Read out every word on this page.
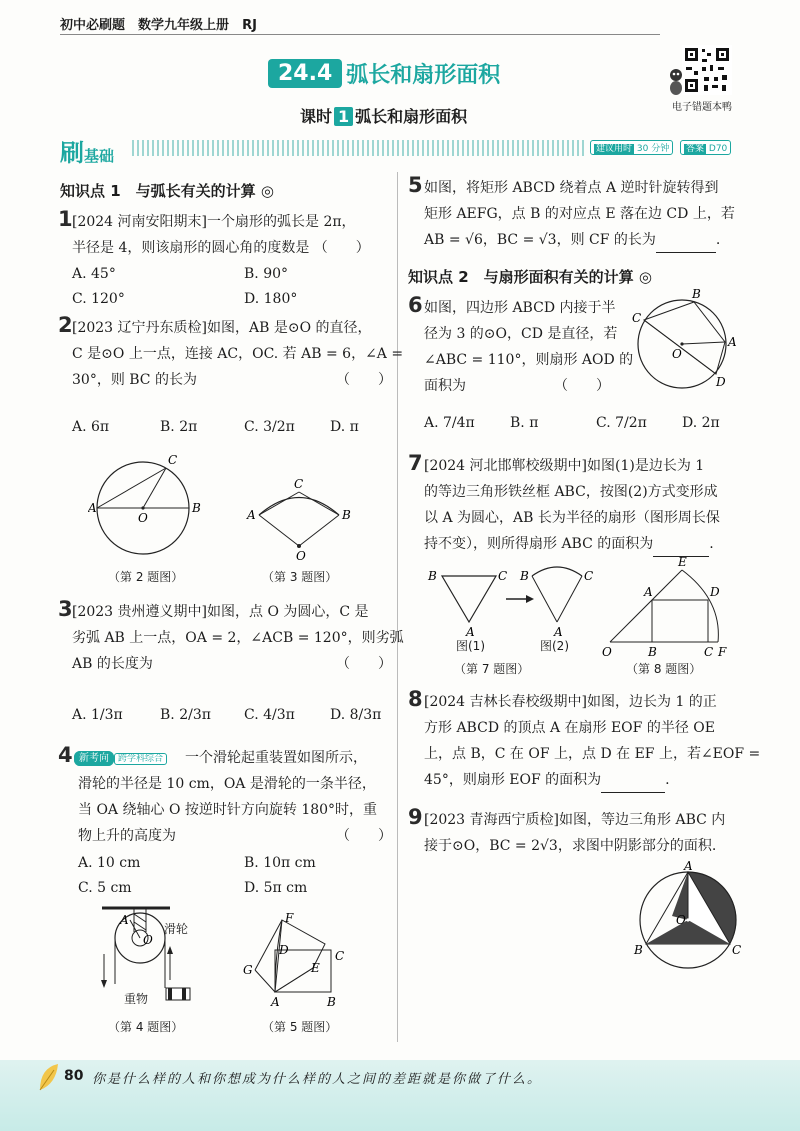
初中必刷题　 数学九年级上册　 RJ
电子错题本鸭
24.4 弧长和扇形面积
课时 1 弧长和扇形面积
刷基础	建议用时 30 分钟	答案 D70
知识点 1　与弧长有关的计算 ◎
1 [2024 河南安阳期末]一个扇形的弧长是 2π，
半径是 4，则该扇形的圆心角的度数是 （　　）
A. 45°	B. 90°
C. 120°	D. 180°
2 [2023 辽宁丹东质检]如图，AB 是⊙O 的直径，
C 是⊙O 上一点，连接 AC，OC. 若 AB = 6，∠A =
30°，则 BC 的长为	（　　）
A. 6π	B. 2π	C. 3/2π	D. π
A	B
C
O
（第 2 题图）
A	B
C
O
（第 3 题图）
3 [2023 贵州遵义期中]如图，点 O 为圆心，C 是
劣弧 AB 上一点，OA = 2，∠ACB = 120°，则劣弧
AB 的长度为	（　　）
A. 1/3π	B. 2/3π C. 4/3π	D. 8/3π
4 新考向 跨学科综合 一个滑轮起重装置如图所示，
滑轮的半径是 10 cm，OA 是滑轮的一条半径，
当 OA 绕轴心 O 按逆时针方向旋转 180°时，重
物上升的高度为	（　　）
A. 10 cm	B. 10π cm
C. 5 cm	D. 5π cm
A
O
滑轮
重物
（第 4 题图）
G
F
D
E
C
A	B
（第 5 题图）
5 如图，将矩形 ABCD 绕着点 A 逆时针旋转得到
矩形 AEFG，点 B 的对应点 E 落在边 CD 上，若
AB = √6，BC = √3，则 CF 的长为	.
知识点 2　与扇形面积有关的计算 ◎
6 如图，四边形 ABCD 内接于半
径为 3 的⊙O，CD 是直径，若
∠ABC = 110°，则扇形 AOD 的
面积为	（　　）
C
B
A
D
O
A. 7/4π	B. π	C. 7/2π	D. 2π
7 [2024 河北邯郸校级期中]如图(1)是边长为 1
的等边三角形铁丝框 ABC，按图(2)方式变形成
以 A 为圆心，AB 长为半径的扇形（图形周长保
持不变），则所得扇形 ABC 的面积为	.
B	C
A
B	C
A
图(1)	图(2)
（第 7 题图）
E
A	D
O	B	C F
（第 8 题图）
8 [2024 吉林长春校级期中]如图，边长为 1 的正
方形 ABCD 的顶点 A 在扇形 EOF 的半径 OE
上，点 B，C 在 OF 上，点 D 在 EF 上，若∠EOF =
45°，则扇形 EOF 的面积为	.
9 [2023 青海西宁质检]如图，等边三角形 ABC 内
接于⊙O，BC = 2√3，求图中阴影部分的面积.
A
B	C
O
80 你是什么样的人和你想成为什么样的人之间的差距就是你做了什么。
